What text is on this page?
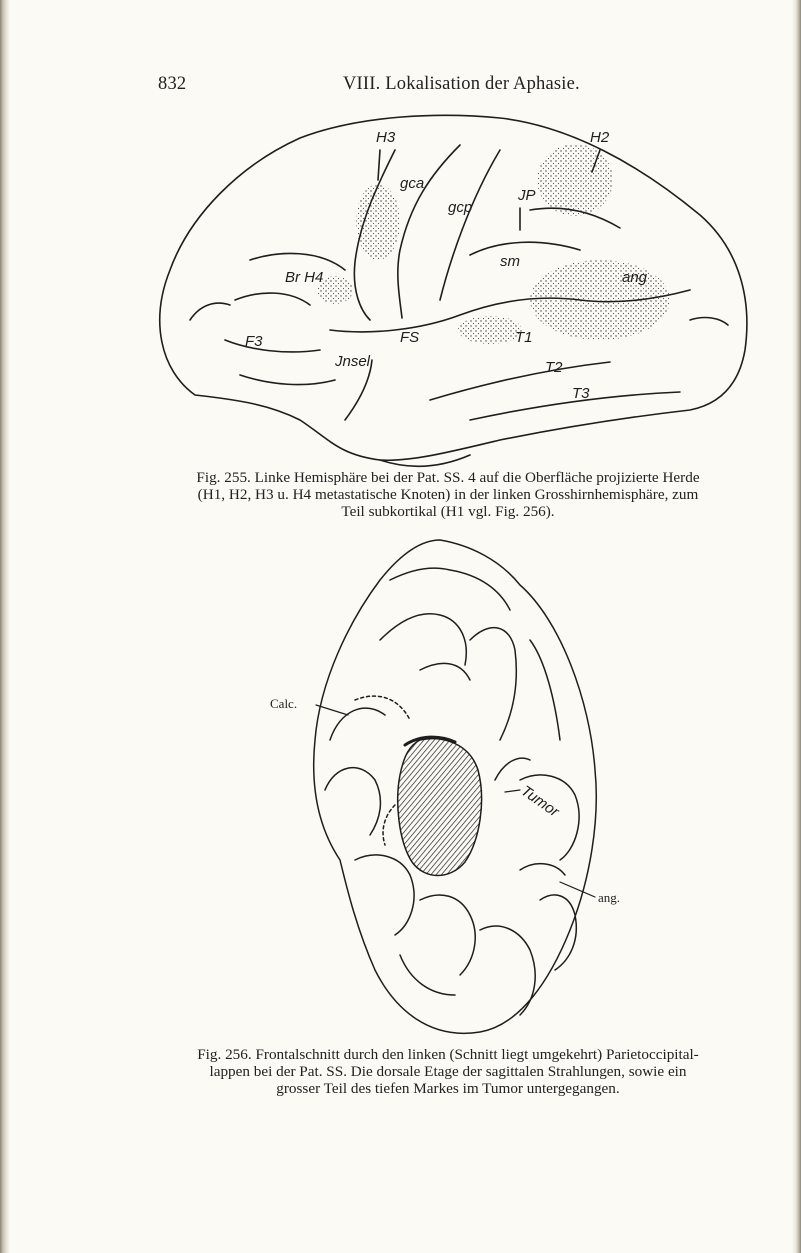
832	VIII. Lokalisation der Aphasie.
H3	H2
gca
gcp
JP
sm
Br H4	ang
F3	FS
Jnsel
T1
T2
T3
Calc.
ang.
Tumor
Fig. 255. Linke Hemisphäre bei der Pat. SS. 4 auf die Oberfläche projizierte Herde
(H1, H2, H3 u. H4 metastatische Knoten) in der linken Grosshirnhemisphäre, zum
Teil subkortikal (H1 vgl. Fig. 256).
Fig. 256. Frontalschnitt durch den linken (Schnitt liegt umgekehrt) Parietoccipital-
lappen bei der Pat. SS. Die dorsale Etage der sagittalen Strahlungen, sowie ein
grosser Teil des tiefen Markes im Tumor untergegangen.
